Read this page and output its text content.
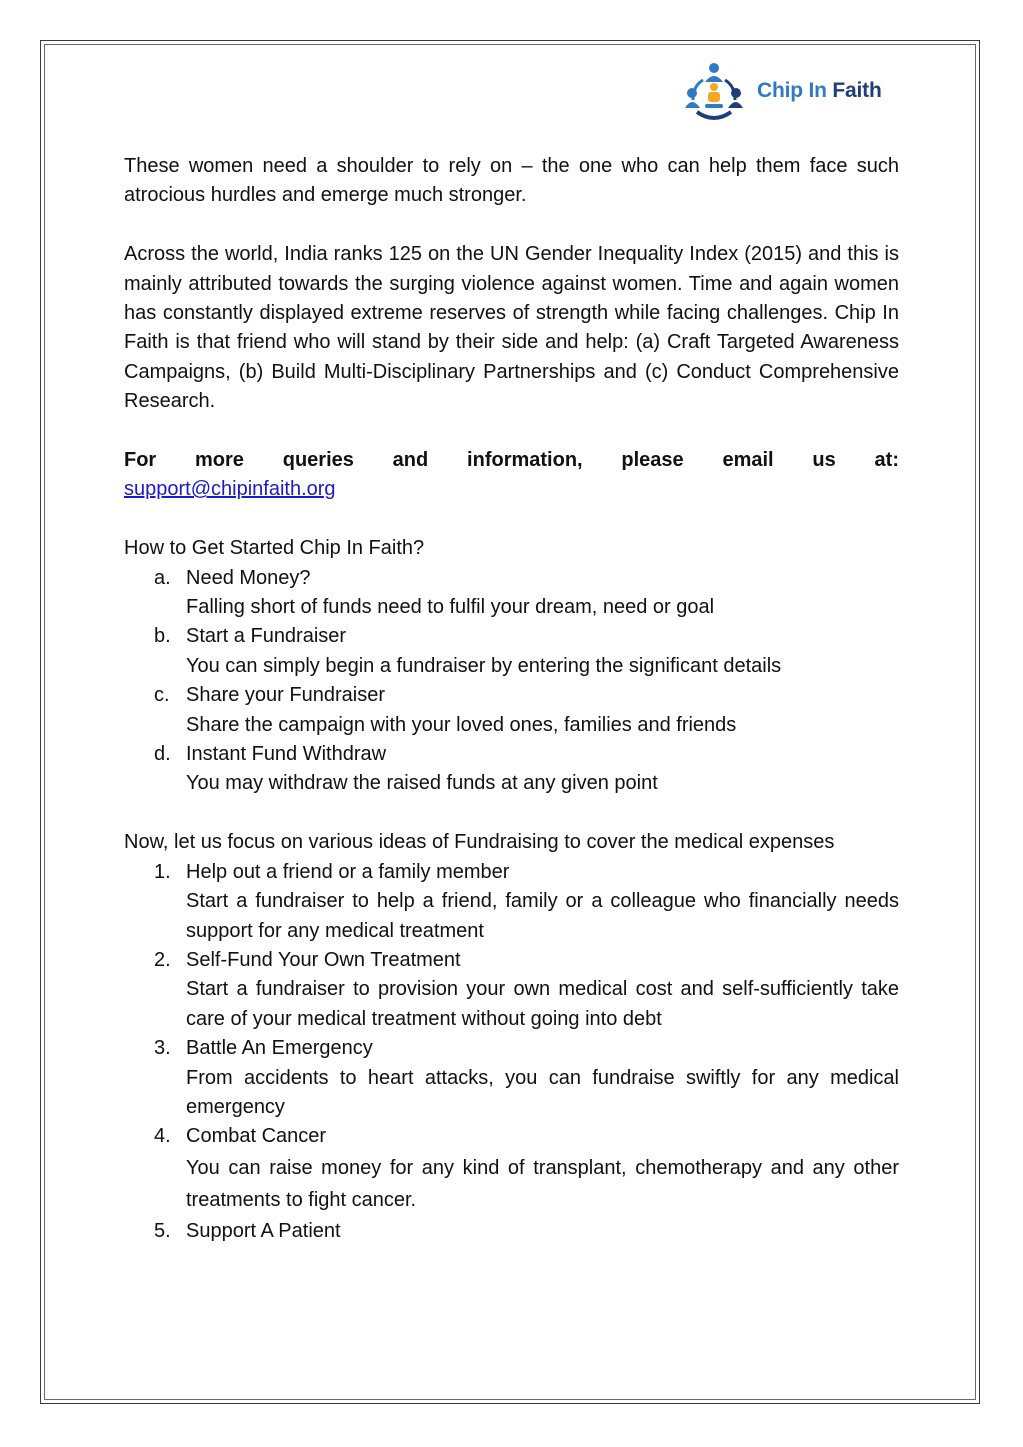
Chip In Faith

These women need a shoulder to rely on – the one who can help them face such atrocious hurdles and emerge much stronger.

Across the world, India ranks 125 on the UN Gender Inequality Index (2015) and this is mainly attributed towards the surging violence against women. Time and again women has constantly displayed extreme reserves of strength while facing challenges. Chip In Faith is that friend who will stand by their side and help: (a) Craft Targeted Awareness Campaigns, (b) Build Multi-Disciplinary Partnerships and (c) Conduct Comprehensive Research.

For more queries and information, please email us at:
support@chipinfaith.org
How to Get Started Chip In Faith?
a. Need Money?
Falling short of funds need to fulfil your dream, need or goal
b. Start a Fundraiser
You can simply begin a fundraiser by entering the significant details
c. Share your Fundraiser
Share the campaign with your loved ones, families and friends
d. Instant Fund Withdraw
You may withdraw the raised funds at any given point
Now, let us focus on various ideas of Fundraising to cover the medical expenses
1. Help out a friend or a family member
Start a fundraiser to help a friend, family or a colleague who financially needs support for any medical treatment
2. Self-Fund Your Own Treatment
Start a fundraiser to provision your own medical cost and self-sufficiently take care of your medical treatment without going into debt
3. Battle An Emergency
From accidents to heart attacks, you can fundraise swiftly for any medical emergency
4. Combat Cancer
You can raise money for any kind of transplant, chemotherapy and any other treatments to fight cancer.
5. Support A Patient
